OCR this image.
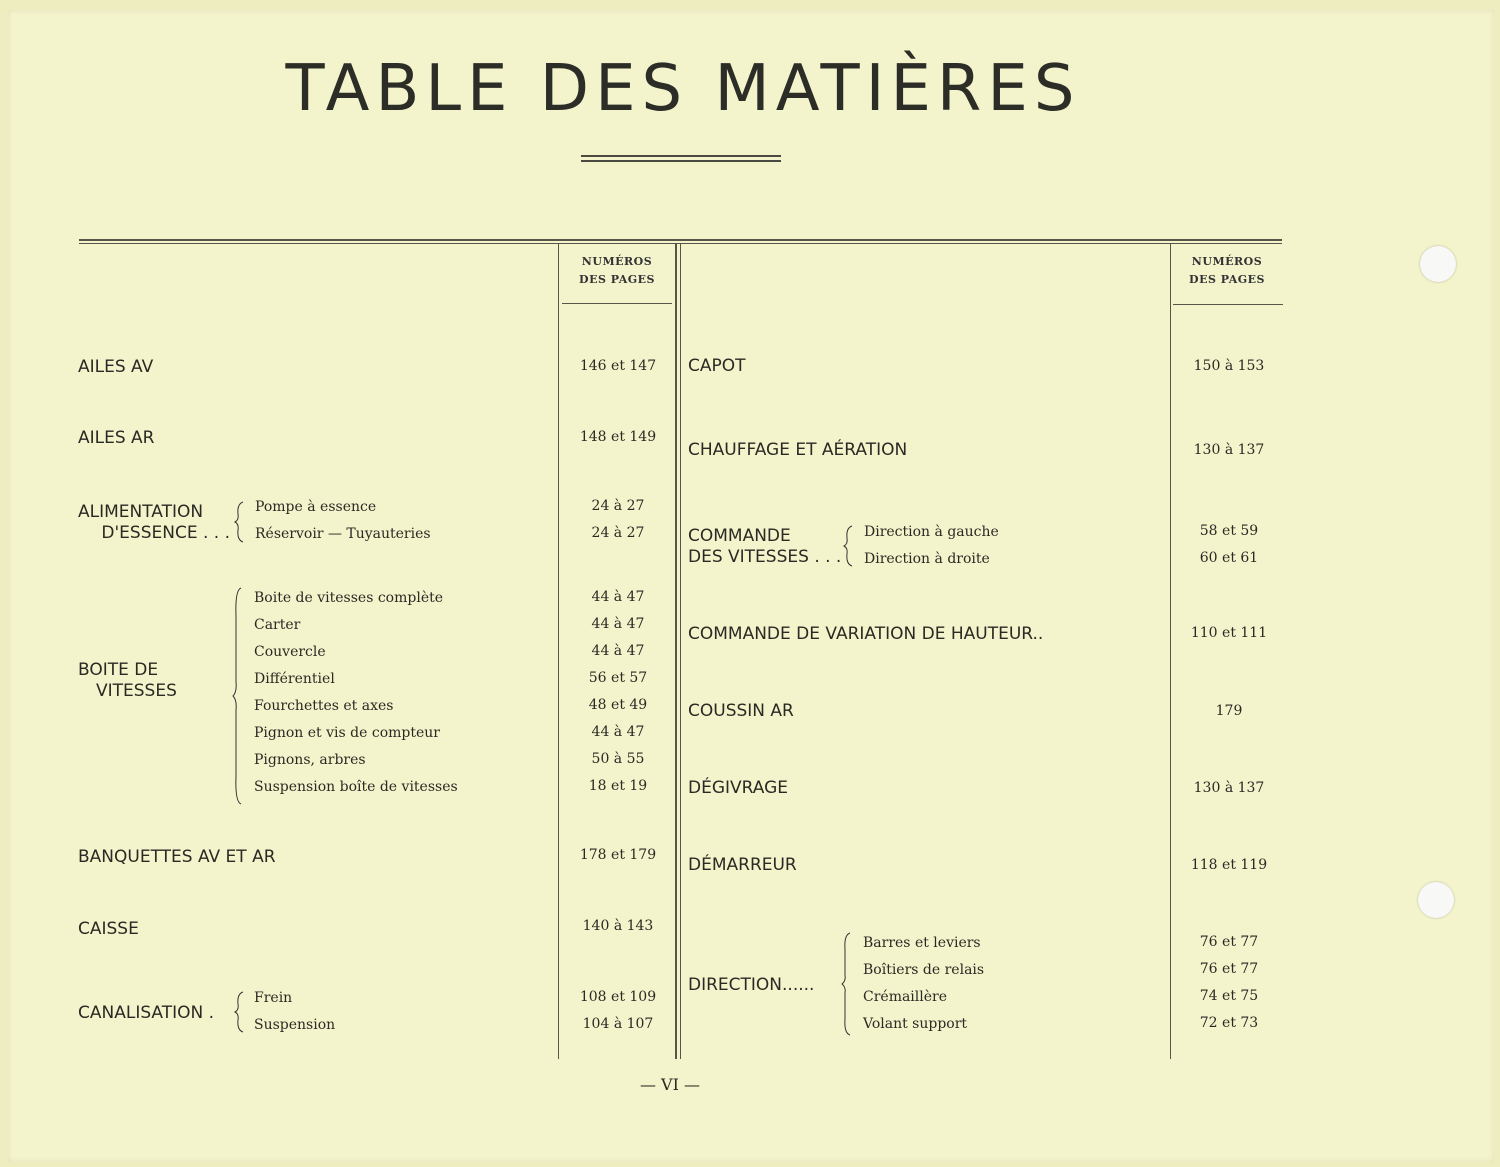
TABLE DES MATIÈRES
NUMÉROS
DES PAGES
NUMÉROS
DES PAGES
AILES AV	146 et 147
AILES AR	148 et 149
ALIMENTATION
D'ESSENCE . . .
Pompe à essence	24 à 27
Réservoir — Tuyauteries	24 à 27
BOITE DE
VITESSES
Boite de vitesses complète	44 à 47
Carter	44 à 47
Couvercle	44 à 47
Différentiel	56 et 57
Fourchettes et axes	48 et 49
Pignon et vis de compteur	44 à 47
Pignons, arbres	50 à 55
Suspension boîte de vitesses	18 et 19
BANQUETTES AV ET AR	178 et 179
CAISSE	140 à 143
CANALISATION .
Frein	108 et 109
Suspension	104 à 107
CAPOT	150 à 153
CHAUFFAGE ET AÉRATION	130 à 137
COMMANDE
DES VITESSES . . .
Direction à gauche	58 et 59
Direction à droite	60 et 61
COMMANDE DE VARIATION DE HAUTEUR..	110 et 111
COUSSIN AR	179
DÉGIVRAGE	130 à 137
DÉMARREUR	118 et 119
DIRECTION......
Barres et leviers	76 et 77
Boîtiers de relais	76 et 77
Crémaillère	74 et 75
Volant support	72 et 73
— VI —
